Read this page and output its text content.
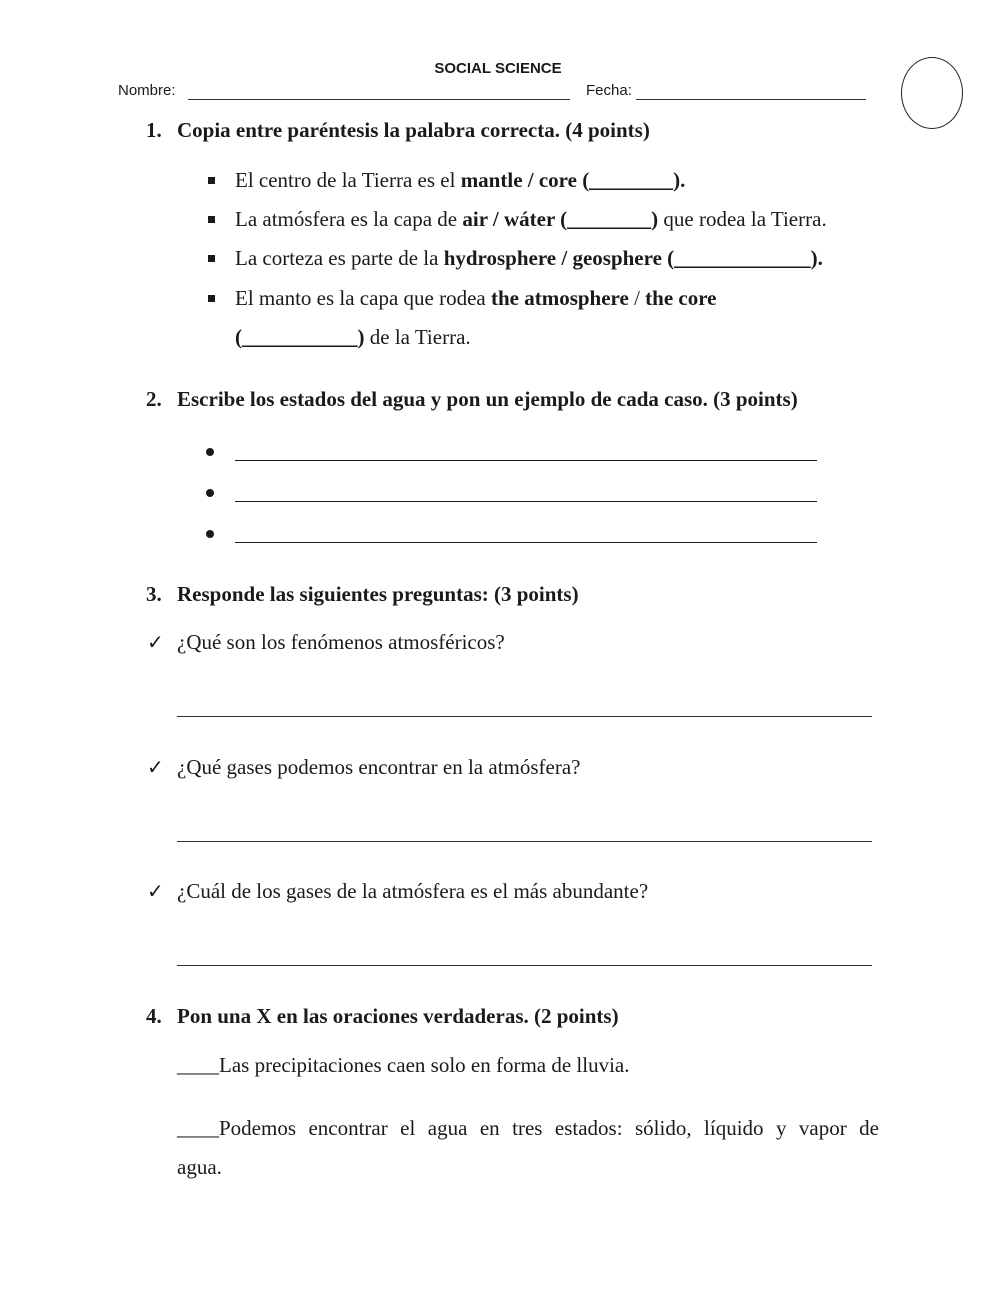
SOCIAL SCIENCE
Nombre:	Fecha:
1. Copia entre paréntesis la palabra correcta. (4 points)
El centro de la Tierra es el mantle / core (________).
La atmósfera es la capa de air / wáter (________) que rodea la Tierra.
La corteza es parte de la hydrosphere / geosphere (_____________).
El manto es la capa que rodea the atmosphere / the core
(___________) de la Tierra.
2. Escribe los estados del agua y pon un ejemplo de cada caso. (3 points)
3. Responde las siguientes preguntas: (3 points)
✓ ¿Qué son los fenómenos atmosféricos?
✓ ¿Qué gases podemos encontrar en la atmósfera?
✓ ¿Cuál de los gases de la atmósfera es el más abundante?
4. Pon una X en las oraciones verdaderas. (2 points)
____Las precipitaciones caen solo en forma de lluvia.
____Podemos encontrar el agua en tres estados: sólido, líquido y vapor de
agua.
